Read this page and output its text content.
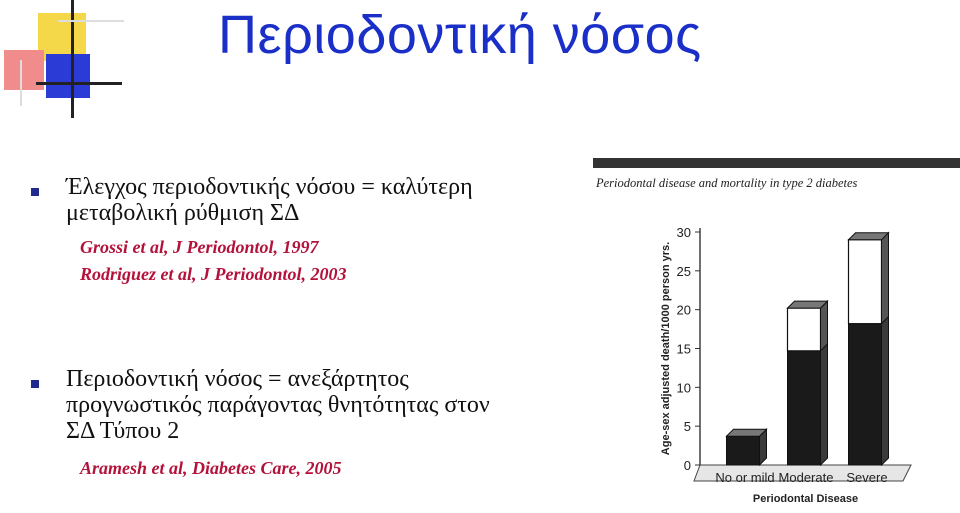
Περιοδοντική νόσος
Έλεγχος περιοδοντικής νόσου = καλύτερη
μεταβολική ρύθμιση ΣΔ
Grossi et al, J Periodontol, 1997
Rodriguez et al, J Periodontol, 2003
Περιοδοντική νόσος = ανεξάρτητος
προγνωστικός παράγοντας θνητότητας στον
ΣΔ Τύπου 2
Aramesh et al, Diabetes Care, 2005
Periodontal disease and mortality in type 2 diabetes
0
5
10
15
20
25
30
Age-sex adjusted death/1000 person yrs.
No or mild Moderate Severe
Periodontal Disease
